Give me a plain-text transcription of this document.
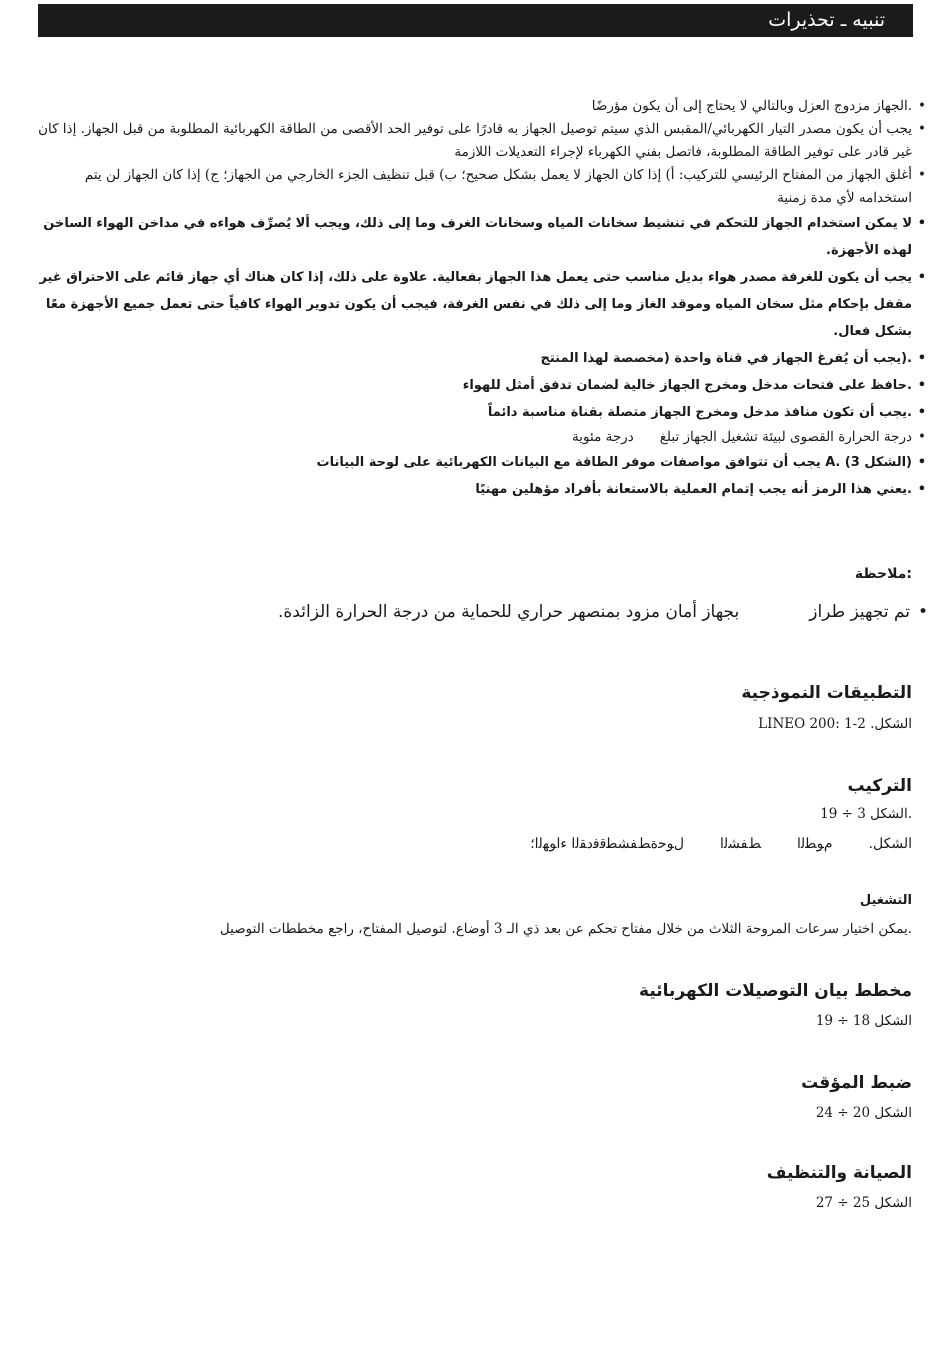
تنبيه ـ تحذيرات
•
.الجهاز مزدوج العزل وبالتالي لا يحتاج إلى أن يكون مؤرضًا
•
يجب أن يكون مصدر التيار الكهربائي/المقبس الذي سيتم توصيل الجهاز به قادرًا على توفير الحد الأقصى من الطاقة الكهربائية المطلوبة من قبل الجهاز. إذا كان غير قادر على توفير الطاقة المطلوبة، فاتصل بفني الكهرباء لإجراء التعديلات اللازمة
•
أغلق الجهاز من المفتاح الرئيسي للتركيب: أ) إذا كان الجهاز لا يعمل بشكل صحيح؛ ب) قبل تنظيف الجزء الخارجي من الجهاز؛ ج) إذا كان الجهاز لن يتم استخدامه لأي مدة زمنية
•
لا يمكن استخدام الجهاز للتحكم في تنشيط سخانات المياه وسخانات الغرف وما إلى ذلك، ويجب ألا يُصرِّف هواءه في مداخن الهواء الساخن لهذه الأجهزة.
•
يجب أن يكون للغرفة مصدر هواء بديل مناسب حتى يعمل هذا الجهاز بفعالية. علاوة على ذلك، إذا كان هناك أي جهاز قائم على الاحتراق غير مقفل بإحكام مثل سخان المياه وموقد الغاز وما إلى ذلك في نفس الغرفة، فيجب أن يكون تدوير الهواء كافياً حتى تعمل جميع الأجهزة معًا بشكل فعال.
•
.(يجب أن يُفرغ الجهاز في قناة واحدة (مخصصة لهذا المنتج
•
.حافظ على فتحات مدخل ومخرج الجهاز خالية لضمان تدفق أمثل للهواء
•
.يجب أن تكون منافذ مدخل ومخرج الجهاز متصلة بقناة مناسبة دائماً
•
درجة الحرارة القصوى لبيئة تشغيل الجهاز تبلغدرجة مئوية
•
(الشكل 3) .A يجب أن تتوافق مواصفات موفر الطاقة مع البيانات الكهربائية على لوحة البيانات
•
.يعني هذا الرمز أنه يجب إتمام العملية بالاستعانة بأفراد مؤهلين مهنيًا
:ملاحظة
•
تم تجهيز طرازبجهاز أمان مزود بمنصهر حراري للحماية من درجة الحرارة الزائدة.
التطبيقات النموذجية
الشكل. 2-1 :LINEO 200
التركيب
.الشكل 3 ÷ 19
الشكل.ﻡﻮﻄﻟﺍﻂﻔﺸﻟﺍﻝﻮﺣﺓﻂﻔﺸﻄﻗﻓﺩﻘﻟﺍ ﺀﺍﻮﻬﻟﺍ؛
التشغيل
.يمكن اختيار سرعات المروحة الثلاث من خلال مفتاح تحكم عن بعد ذي الـ 3 أوضاع. لتوصيل المفتاح، راجع مخططات التوصيل
مخطط بيان التوصيلات الكهربائية
الشكل 18 ÷ 19
ضبط المؤقت
الشكل 20 ÷ 24
الصيانة والتنظيف
الشكل 25 ÷ 27
